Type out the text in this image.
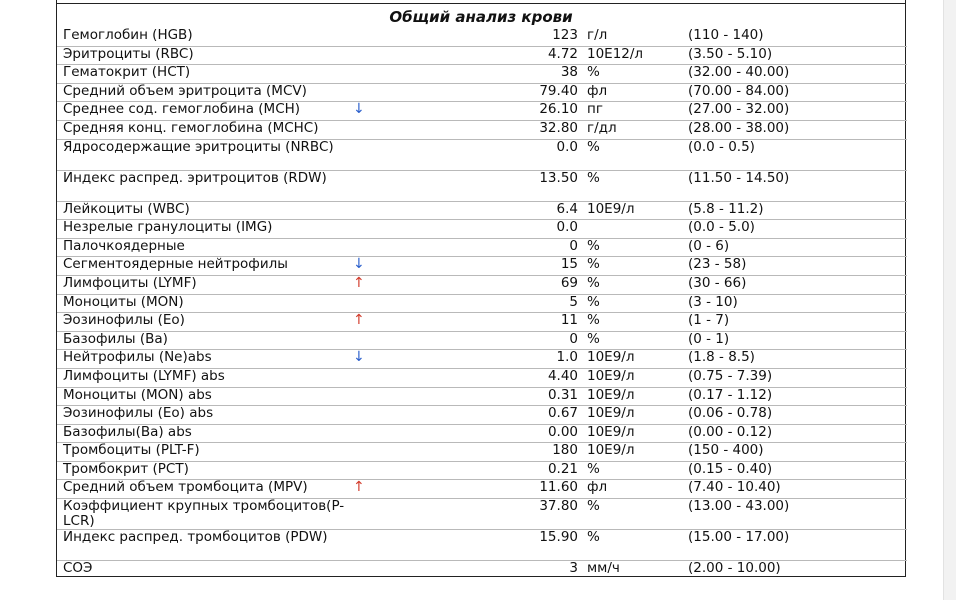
Общий анализ крови
Гемоглобин (HGB)		123	г/л	(110 - 140)
Эритроциты (RBC)		4.72	10E12/л	(3.50 - 5.10)
Гематокрит (HCT)		38	%	(32.00 - 40.00)
Средний объем эритроцита (MCV)		79.40	фл	(70.00 - 84.00)
Среднее сод. гемоглобина (MCH)	↓	26.10	пг	(27.00 - 32.00)
Средняя конц. гемоглобина (MCHC)		32.80	г/дл	(28.00 - 38.00)
Ядросодержащие эритроциты (NRBC)		0.0	%	(0.0 - 0.5)
Индекс распред. эритроцитов (RDW)		13.50	%	(11.50 - 14.50)
Лейкоциты (WBC)		6.4	10E9/л	(5.8 - 11.2)
Незрелые гранулоциты (IMG)		0.0		(0.0 - 5.0)
Палочкоядерные		0	%	(0 - 6)
Сегментоядерные нейтрофилы	↓	15	%	(23 - 58)
Лимфоциты (LYMF)	↑	69	%	(30 - 66)
Моноциты (MON)		5	%	(3 - 10)
Эозинофилы (Eo)	↑	11	%	(1 - 7)
Базофилы (Ba)		0	%	(0 - 1)
Нейтрофилы (Ne)abs	↓	1.0	10E9/л	(1.8 - 8.5)
Лимфоциты (LYMF) abs		4.40	10E9/л	(0.75 - 7.39)
Моноциты (MON) abs		0.31	10E9/л	(0.17 - 1.12)
Эозинофилы (Eo) abs		0.67	10E9/л	(0.06 - 0.78)
Базофилы(Ba) abs		0.00	10E9/л	(0.00 - 0.12)
Тромбоциты (PLT-F)		180	10E9/л	(150 - 400)
Тромбокрит (PCT)		0.21	%	(0.15 - 0.40)
Средний объем тромбоцита (MPV)	↑	11.60	фл	(7.40 - 10.40)
Коэффициент крупных тромбоцитов(P-LCR)		37.80	%	(13.00 - 43.00)
Индекс распред. тромбоцитов (PDW)		15.90	%	(15.00 - 17.00)
СОЭ		3	мм/ч	(2.00 - 10.00)
